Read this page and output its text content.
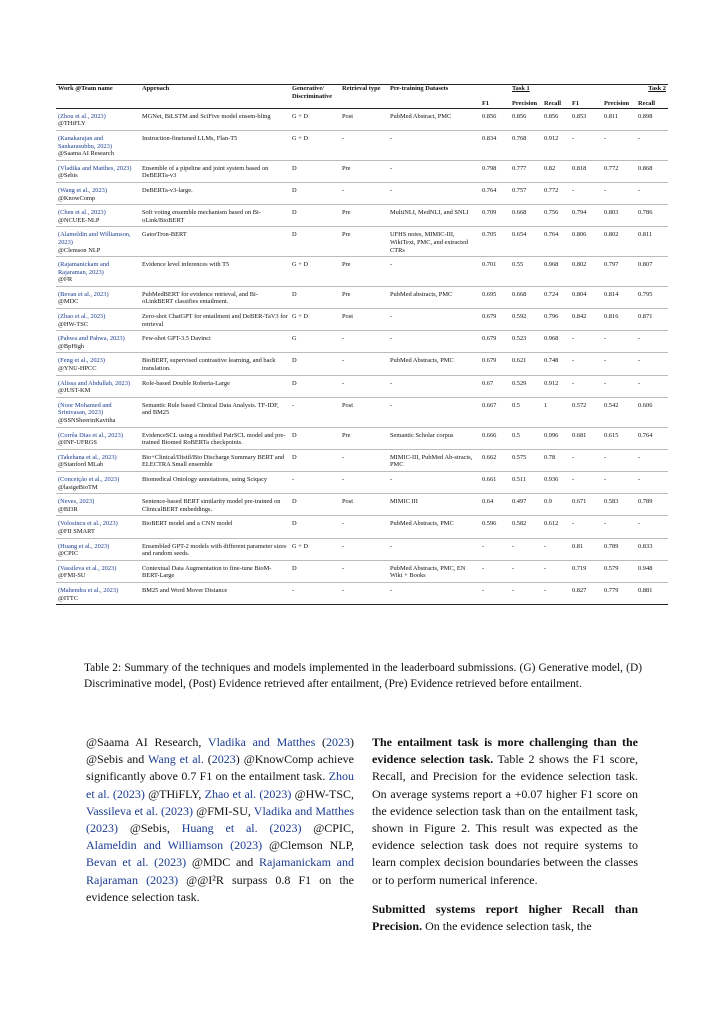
Work @Team name	Approach	Generative/ Discriminative	Retrieval type	Pre-training Datasets		Task 1			Task 2	
					F1	Precision	Recall	F1	Precision	Recall
(Zhou et al., 2023)
@THiFLY	MGNet, BiLSTM and SciFive model ensem-bling	G + D	Post	PubMed Abstract, PMC	0.856	0.856	0.856	0.853	0.811	0.898
(Kanakarajan and Sankarasubbu, 2023)
@Saama AI Research	Instruction-finetuned LLMs, Flan-T5	G + D	-	-	0.834	0.768	0.912	-	-	-
(Vladika and Matthes, 2023)
@Sebis	Ensemble of a pipeline and joint system based on DeBERTa-v3	D	Pre	-	0.798	0.777	0.82	0.818	0.772	0.868
(Wang et al., 2023)
@KnowComp	DeBERTa-v3-large.	D	-	-	0.764	0.757	0.772	-	-	-
(Chen et al., 2023)
@NCUEE-NLP	Soft voting ensemble mechanism based on Bi-oLink/BioBERT	D	Pre	MultiNLI, MedNLI, and SNLI	0.709	0.668	0.756	0.794	0.803	0.786
(Alameldin and Williamson, 2023)
@Clemson NLP	GatorTron-BERT	D	Pre	UFHS notes, MIMIC-III, WikiText, PMC, and extracted CTRs	0.705	0.654	0.764	0.806	0.802	0.811
(Rajamanickam and Rajaraman, 2023)
@I²R	Evidence level inferences with T5	G + D	Pre	-	0.701	0.55	0.968	0.802	0.797	0.807
(Bevan et al., 2023)
@MDC	PubMedBERT for evidence retrieval, and Bi-oLinkBERT classifies entailment.	D	Pre	PubMed abstracts, PMC	0.695	0.668	0.724	0.804	0.814	0.795
(Zhao et al., 2023)
@HW-TSC	Zero-shot ChatGPT for entailment and DeBER-TaV3 for retrieval	G + D	Post	-	0.679	0.592	0.796	0.842	0.816	0.871
(Pahwa and Pahwa, 2023)
@BpHigh	Few-shot GPT-3.5 Davinci	G	-	-	0.679	0.523	0.968	-	-	-
(Feng et al., 2023)
@YNU-HPCC	BioBERT, supervised contrastive learning, and back translation.	D	-	PubMed Abstracts, PMC	0.679	0.621	0.748	-	-	-
(Alissa and Abdullah, 2023)
@JUST-KM	Role-based Double Roberta-Large	D	-	-	0.67	0.529	0.912	-	-	-
(Noor Mohamed and Srinivasan, 2023)
@SSNSheerinKavitha	Semantic Rule based Clinical Data Analysis. TF-IDF, and BM25	-	Post	-	0.667	0.5	1	0.572	0.542	0.606
(Corrêa Dias et al., 2023)
@INF-UFRGS	EvidenceSCL using a modified PairSCL model and pre-trained Biomed RoBERTa checkpoints.	D	Pre	Semantic Scholar corpus	0.666	0.5	0.996	0.681	0.615	0.764
(Takehana et al., 2023)
@Stanford MLab	Bio+Clinical/Distil/Bio Discharge Summary BERT and ELECTRA Small ensemble	D	-	MIMIC-III, PubMed Ab-stracts, PMC	0.662	0.575	0.78	-	-	-
(Conceição et al., 2023)
@lasigeBioTM	Biomedical Ontology annotations, using Sciqacy	-	-	-	0.661	0.511	0.936	-	-	-
(Neves, 2023)
@BI3R	Sentence-based BERT similarity model pre-trained on ClinicalBERT embeddings.	D	Post	MIMIC III	0.64	0.497	0.9	0.671	0.583	0.789
(Volosincu et al., 2023)
@FII SMART	BioBERT model and a CNN model	D	-	PubMed Abstracts, PMC	0.596	0.582	0.612	-	-	-
(Huang et al., 2023)
@CPIC	Ensembled GPT-2 models with different parameter sizes and random seeds.	G + D	-	-	-	-	-	0.81	0.789	0.833
(Vassileva et al., 2023)
@FMI-SU	Contextual Data Augmentation to fine-tune BioM-BERT-Large	D	-	PubMed Abstracts, PMC, EN Wiki + Books	-	-	-	0.719	0.579	0.948
(Mahendra et al., 2023)
@ITTC	BM25 and Word Mover Distance	-	-	-	-	-	-	0.827	0.779	0.881
Table 2: Summary of the techniques and models implemented in the leaderboard submissions. (G) Generative model, (D) Discriminative model, (Post) Evidence retrieved after entailment, (Pre) Evidence retrieved before entailment.
@Saama AI Research, Vladika and Matthes (2023) @Sebis and Wang et al. (2023) @KnowComp achieve significantly above 0.7 F1 on the entailment task. Zhou et al. (2023) @THiFLY, Zhao et al. (2023) @HW-TSC, Vassileva et al. (2023) @FMI-SU, Vladika and Matthes (2023) @Sebis, Huang et al. (2023) @CPIC, Alameldin and Williamson (2023) @Clemson NLP, Bevan et al. (2023) @MDC and Rajamanickam and Rajaraman (2023) @@I²R surpass 0.8 F1 on the evidence selection task.

The entailment task is more challenging than the evidence selection task. Table 2 shows the F1 score, Recall, and Precision for the evidence selection task. On average systems report a +0.07 higher F1 score on the evidence selection task than on the entailment task, shown in Figure 2. This result was expected as the evidence selection task does not require systems to learn complex decision boundaries between the classes or to perform numerical inference.

Submitted systems report higher Recall than Precision. On the evidence selection task, the
